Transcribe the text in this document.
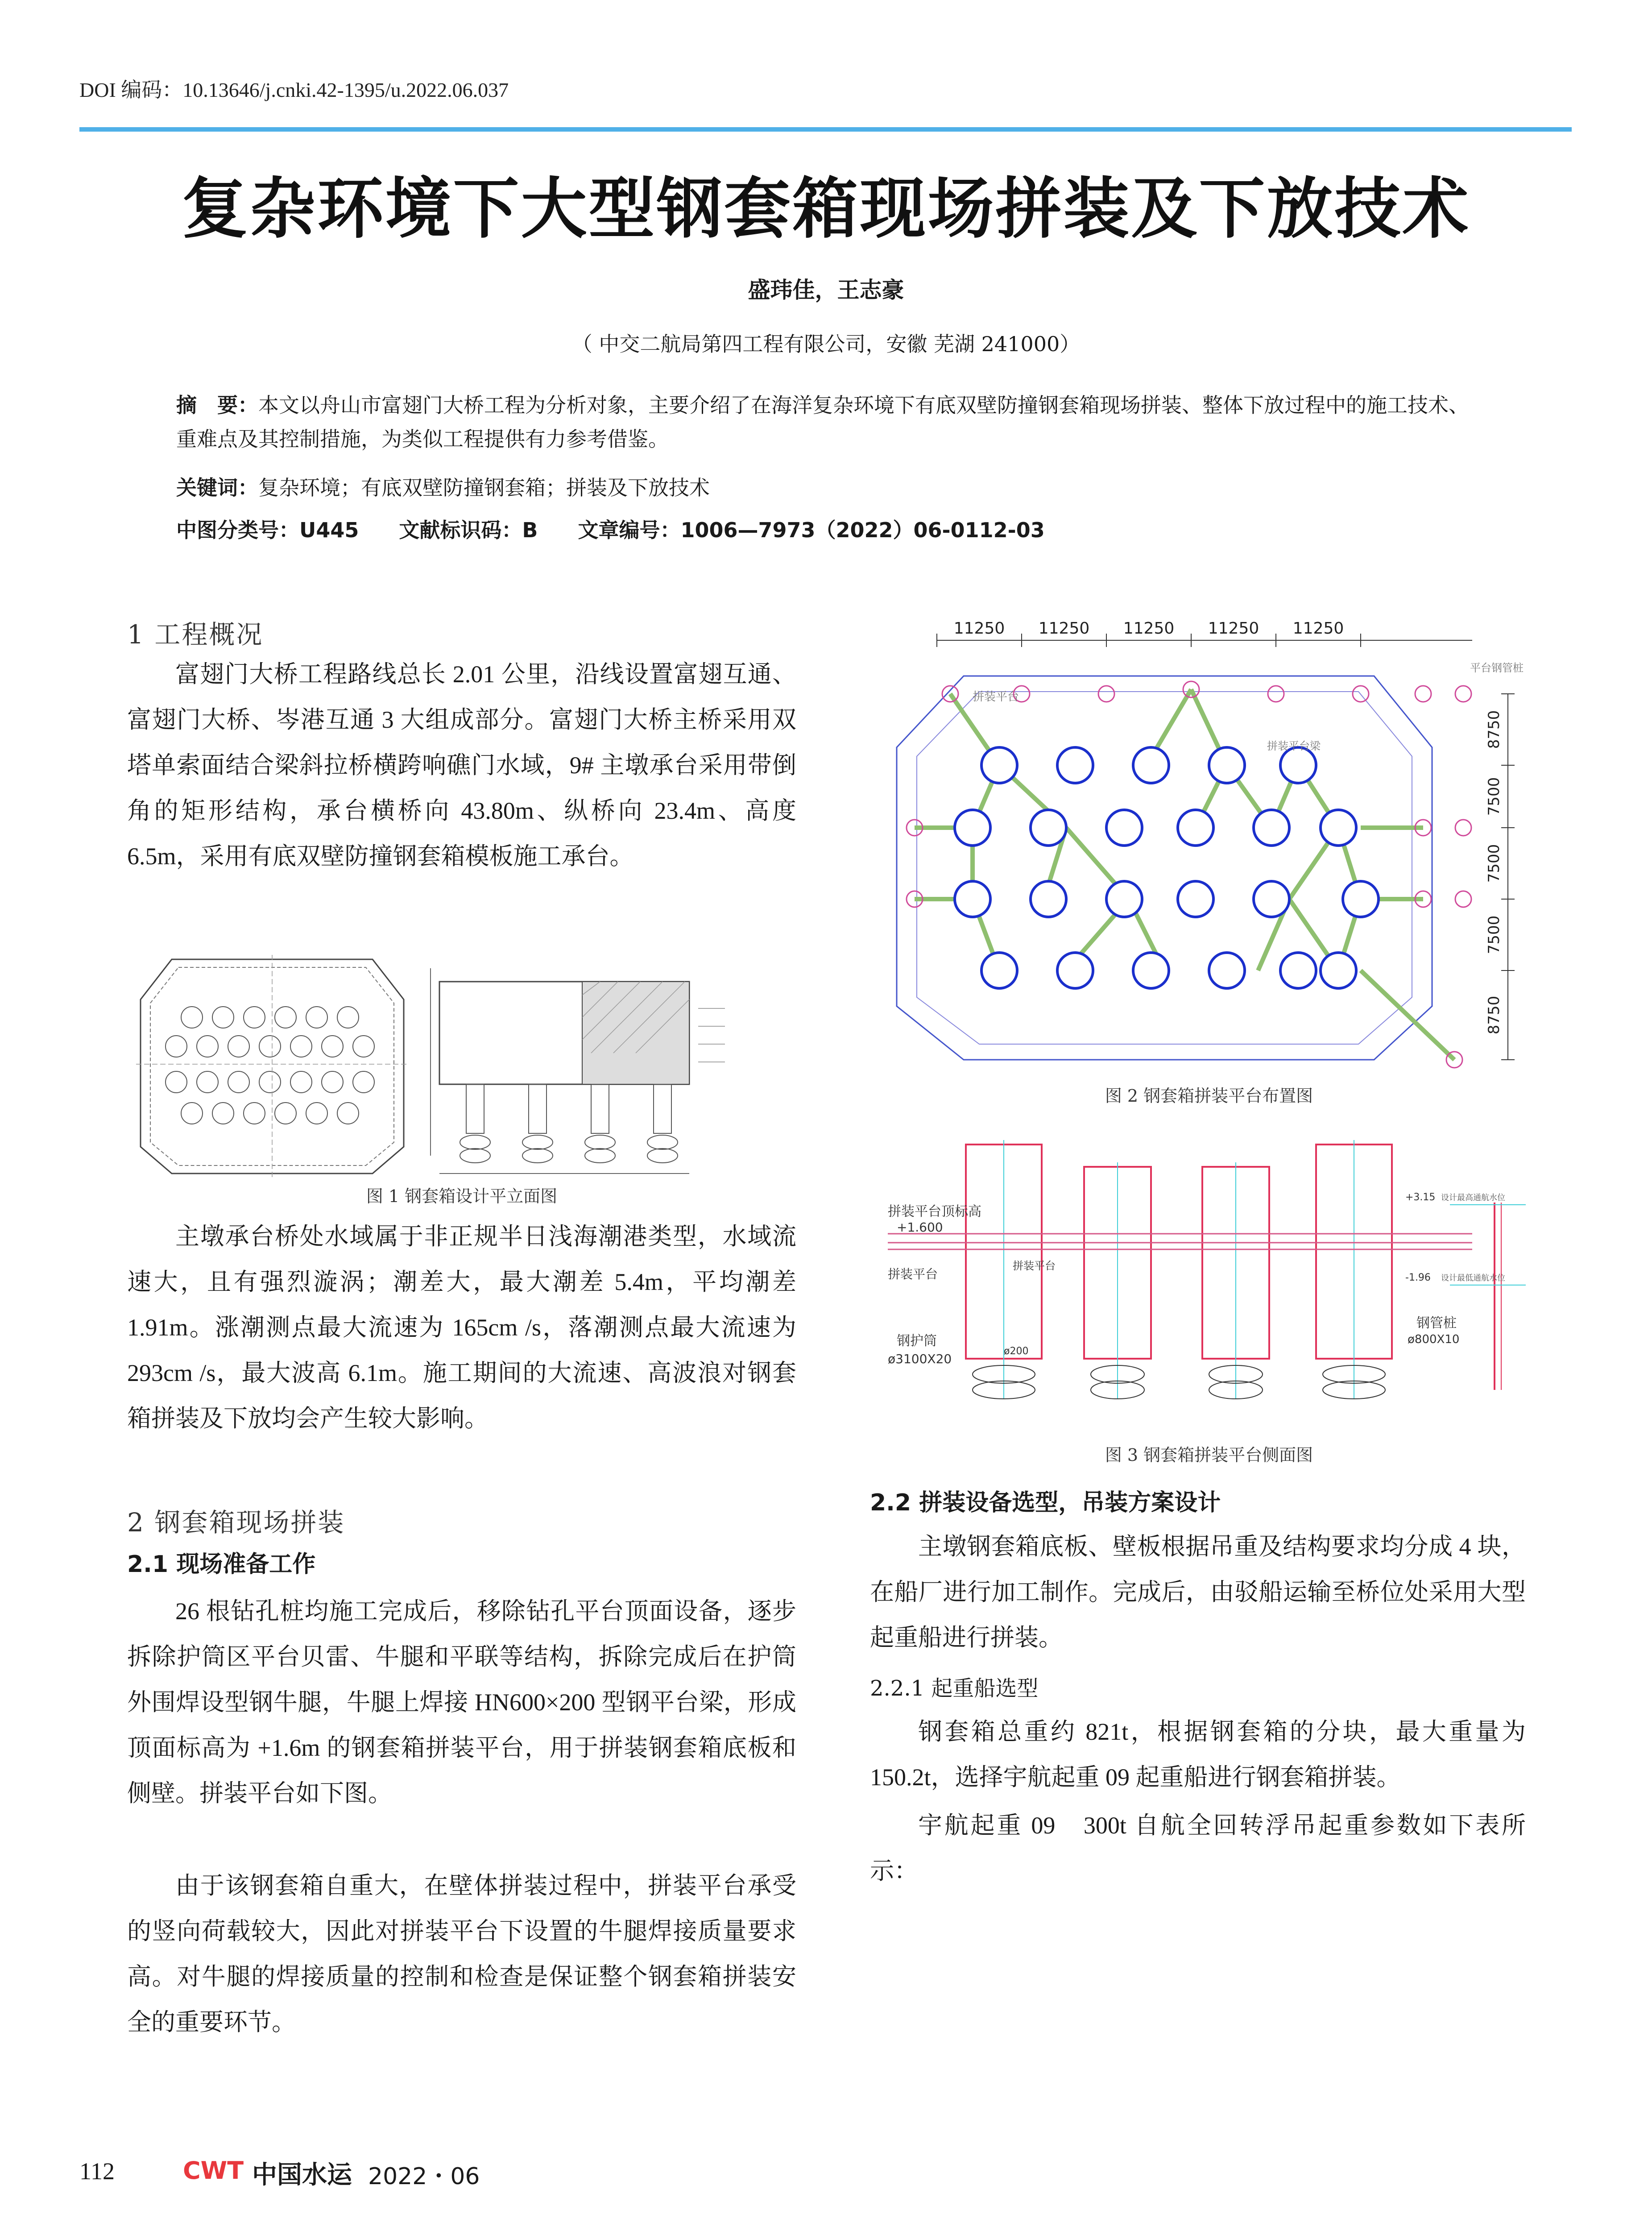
DOI 编码：10.13646/j.cnki.42-1395/u.2022.06.037
复杂环境下大型钢套箱现场拼装及下放技术
盛玮佳，王志豪
（ 中交二航局第四工程有限公司，安徽 芜湖 241000）
摘　要：本文以舟山市富翅门大桥工程为分析对象，主要介绍了在海洋复杂环境下有底双壁防撞钢套箱现场拼装、整体下放过程中的施工技术、重难点及其控制措施，为类似工程提供有力参考借鉴。
关键词：复杂环境；有底双壁防撞钢套箱；拼装及下放技术
中图分类号：U445 文献标识码：B 文章编号：1006—7973（2022）06-0112-03
1 工程概况
富翅门大桥工程路线总长 2.01 公里，沿线设置富翅互通、富翅门大桥、岑港互通 3 大组成部分。富翅门大桥主桥采用双塔单索面结合梁斜拉桥横跨响礁门水域，9# 主墩承台采用带倒角的矩形结构，承台横桥向 43.80m、纵桥向 23.4m、高度 6.5m，采用有底双壁防撞钢套箱模板施工承台。
图 1 钢套箱设计平立面图
主墩承台桥处水域属于非正规半日浅海潮港类型，水域流速大，且有强烈漩涡；潮差大，最大潮差 5.4m，平均潮差 1.91m。涨潮测点最大流速为 165cm /s，落潮测点最大流速为 293cm /s，最大波高 6.1m。施工期间的大流速、高波浪对钢套箱拼装及下放均会产生较大影响。
2 钢套箱现场拼装
2.1 现场准备工作
26 根钻孔桩均施工完成后，移除钻孔平台顶面设备，逐步拆除护筒区平台贝雷、牛腿和平联等结构，拆除完成后在护筒外围焊设型钢牛腿，牛腿上焊接 HN600×200 型钢平台梁，形成顶面标高为 +1.6m 的钢套箱拼装平台，用于拼装钢套箱底板和侧壁。拼装平台如下图。
由于该钢套箱自重大，在壁体拼装过程中，拼装平台承受的竖向荷载较大，因此对拼装平台下设置的牛腿焊接质量要求高。对牛腿的焊接质量的控制和检查是保证整个钢套箱拼装安全的重要环节。
11250 11250 11250 11250 11250
拼装平台
平台钢管桩
拼装平台梁	8750
7500
7500
7500
8750
图 2 钢套箱拼装平台布置图
拼装平台顶标高
+1.600
拼装平台
拼装平台
钢护筒
ø3100X20
ø200
+3.15 设计最高通航水位
-1.96 设计最低通航水位
钢管桩
ø800X10
图 3 钢套箱拼装平台侧面图
2.2 拼装设备选型，吊装方案设计
主墩钢套箱底板、壁板根据吊重及结构要求均分成 4 块，在船厂进行加工制作。完成后，由驳船运输至桥位处采用大型起重船进行拼装。
2.2.1 起重船选型
钢套箱总重约 821t，根据钢套箱的分块，最大重量为 150.2t，选择宇航起重 09 起重船进行钢套箱拼装。
宇航起重 09　300t 自航全回转浮吊起重参数如下表所示：
112	CWT 中国水运 2022・06
